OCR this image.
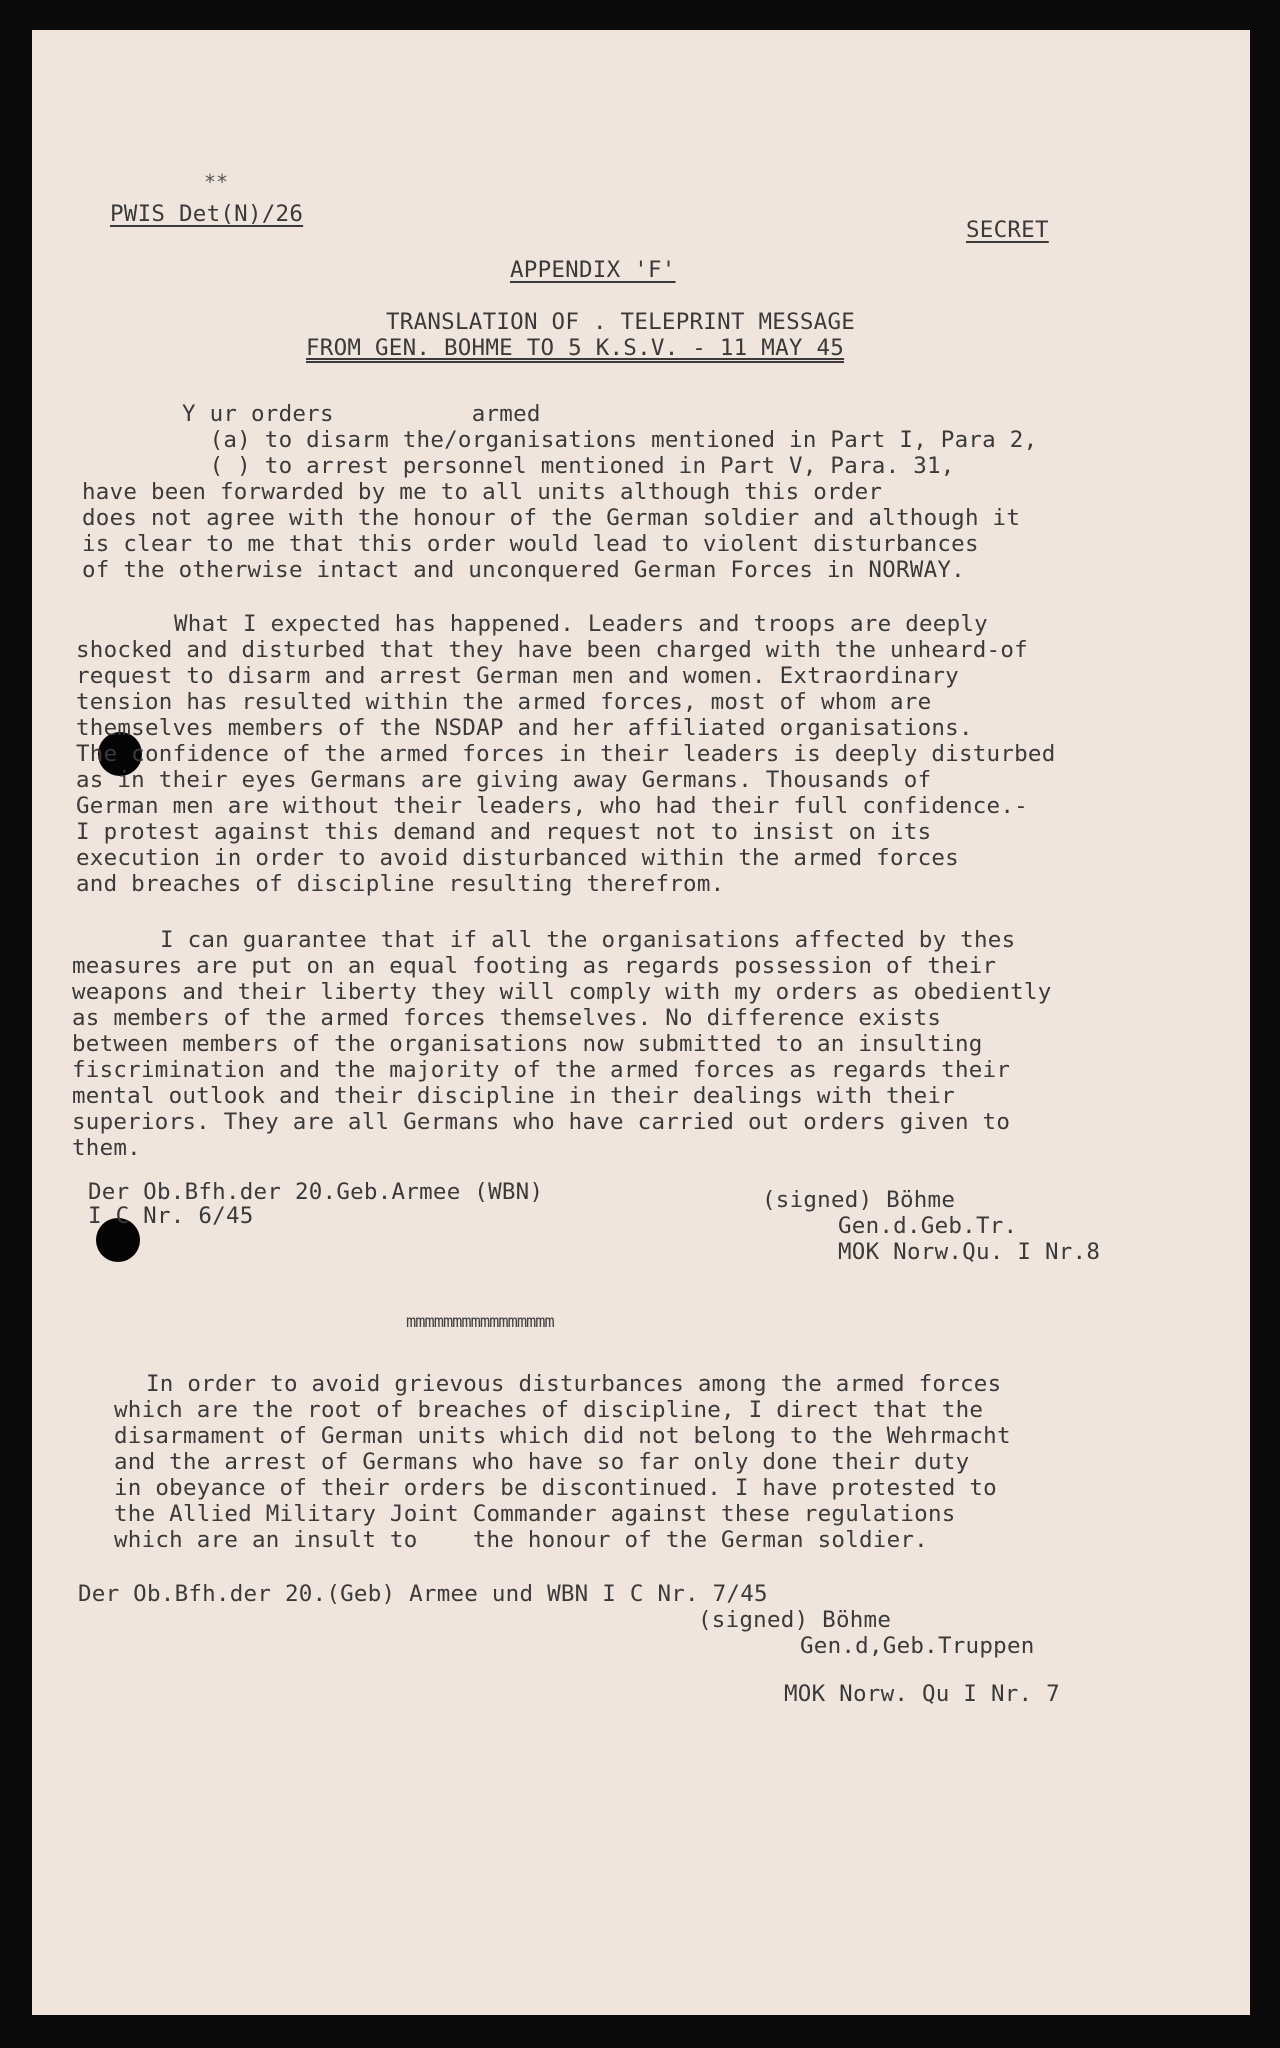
**
PWIS Det(N)/26
SECRET
APPENDIX 'F'
TRANSLATION OF . TELEPRINT MESSAGE
FROM GEN. BOHME TO 5 K.S.V. - 11 MAY 45
Y ur orders          armed
(a) to disarm the/organisations mentioned in Part I, Para 2,
( ) to arrest personnel mentioned in Part V, Para. 31,
have been forwarded by me to all units although this order
does not agree with the honour of the German soldier and although it
is clear to me that this order would lead to violent disturbances
of the otherwise intact and unconquered German Forces in NORWAY.
What I expected has happened. Leaders and troops are deeply
shocked and disturbed that they have been charged with the unheard-of
request to disarm and arrest German men and women. Extraordinary
tension has resulted within the armed forces, most of whom are
themselves members of the NSDAP and her affiliated organisations.
The confidence of the armed forces in their leaders is deeply disturbed
as in their eyes Germans are giving away Germans. Thousands of
German men are without their leaders, who had their full confidence.-
I protest against this demand and request not to insist on its
execution in order to avoid disturbanced within the armed forces
and breaches of discipline resulting therefrom.
I can guarantee that if all the organisations affected by thes
measures are put on an equal footing as regards possession of their
weapons and their liberty they will comply with my orders as obediently
as members of the armed forces themselves. No difference exists
between members of the organisations now submitted to an insulting
fiscrimination and the majority of the armed forces as regards their
mental outlook and their discipline in their dealings with their
superiors. They are all Germans who have carried out orders given to
them.
Der Ob.Bfh.der 20.Geb.Armee (WBN)
I C Nr. 6/45
(signed) Böhme
Gen.d.Geb.Tr.
MOK Norw.Qu. I Nr.8
mmmmmmmmmmmmmmmm
In order to avoid grievous disturbances among the armed forces
which are the root of breaches of discipline, I direct that the
disarmament of German units which did not belong to the Wehrmacht
and the arrest of Germans who have so far only done their duty
in obeyance of their orders be discontinued. I have protested to
the Allied Military Joint Commander against these regulations
which are an insult to    the honour of the German soldier.
Der Ob.Bfh.der 20.(Geb) Armee und WBN I C Nr. 7/45
(signed) Böhme
Gen.d,Geb.Truppen
MOK Norw. Qu I Nr. 7
